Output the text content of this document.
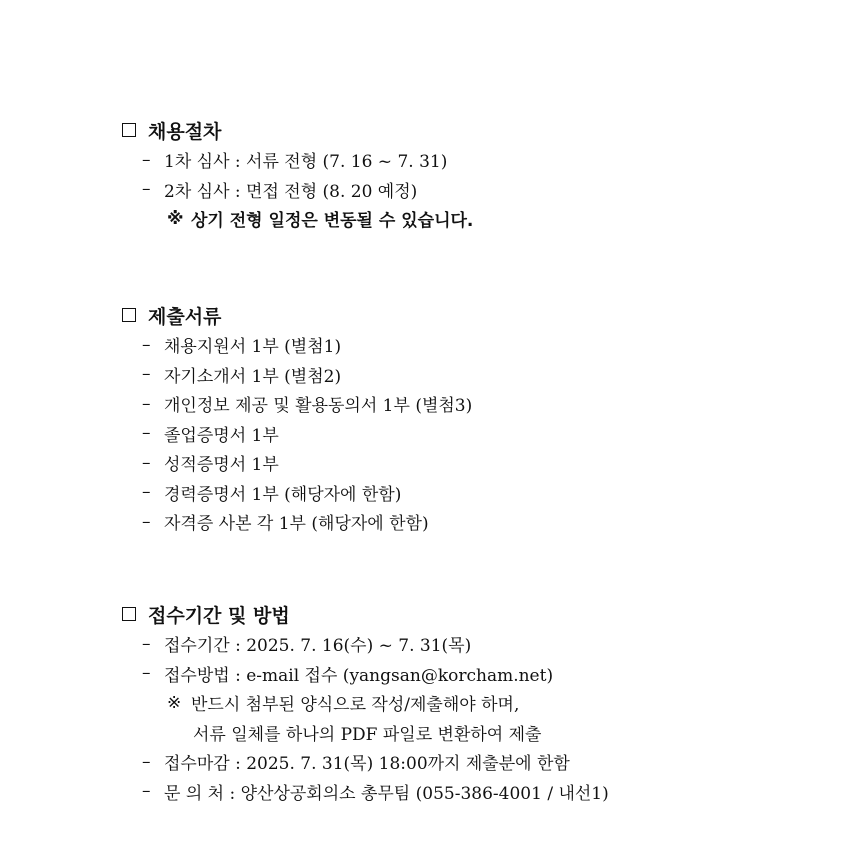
채용절차
– 1차 심사 : 서류 전형 (7. 16 ~ 7. 31)
– 2차 심사 : 면접 전형 (8. 20 예정)
※ 상기 전형 일정은 변동될 수 있습니다.
제출서류
– 채용지원서 1부 (별첨1)
– 자기소개서 1부 (별첨2)
– 개인정보 제공 및 활용동의서 1부 (별첨3)
– 졸업증명서 1부
– 성적증명서 1부
– 경력증명서 1부 (해당자에 한함)
– 자격증 사본 각 1부 (해당자에 한함)
접수기간 및 방법
– 접수기간 : 2025. 7. 16(수) ~ 7. 31(목)
– 접수방법 : e-mail 접수 (yangsan@korcham.net)
※ 반드시 첨부된 양식으로 작성/제출해야 하며,
서류 일체를 하나의 PDF 파일로 변환하여 제출
– 접수마감 : 2025. 7. 31(목) 18:00까지 제출분에 한함
– 문 의 처 : 양산상공회의소 총무팀 (055-386-4001 / 내선1)
